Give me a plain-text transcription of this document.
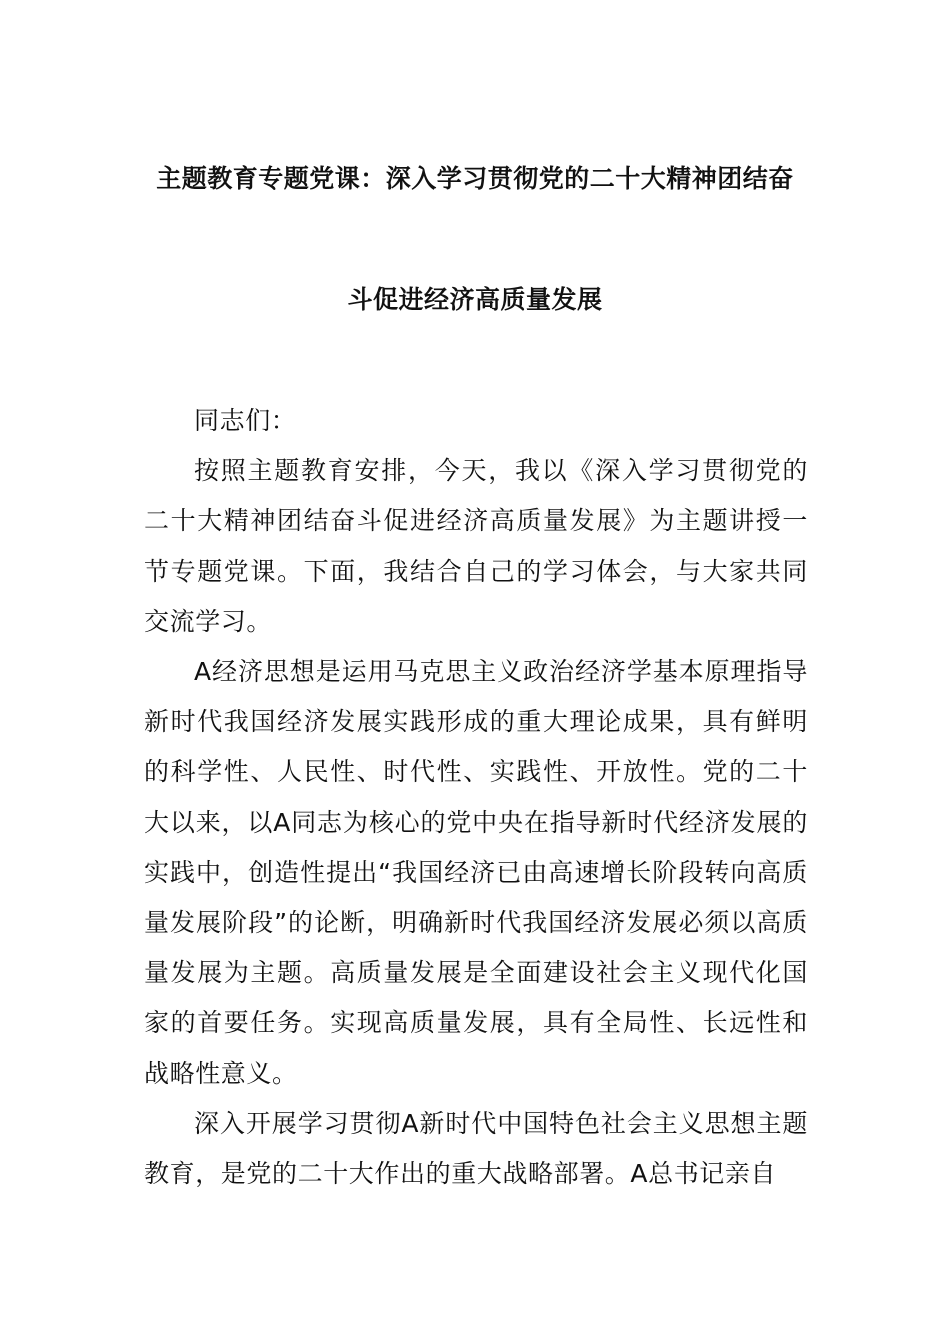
主题教育专题党课：深入学习贯彻党的二十大精神团结奋
斗促进经济高质量发展

同志们：

按照主题教育安排，今天，我以《深入学习贯彻党的二十大精神团结奋斗促进经济高质量发展》为主题讲授一节专题党课。下面，我结合自己的学习体会，与大家共同交流学习。

A经济思想是运用马克思主义政治经济学基本原理指导新时代我国经济发展实践形成的重大理论成果，具有鲜明的科学性、人民性、时代性、实践性、开放性。党的二十大以来，以A同志为核心的党中央在指导新时代经济发展的实践中，创造性提出“我国经济已由高速增长阶段转向高质量发展阶段”的论断，明确新时代我国经济发展必须以高质量发展为主题。高质量发展是全面建设社会主义现代化国家的首要任务。实现高质量发展，具有全局性、长远性和战略性意义。

深入开展学习贯彻A新时代中国特色社会主义思想主题教育，是党的二十大作出的重大战略部署。A总书记亲自
